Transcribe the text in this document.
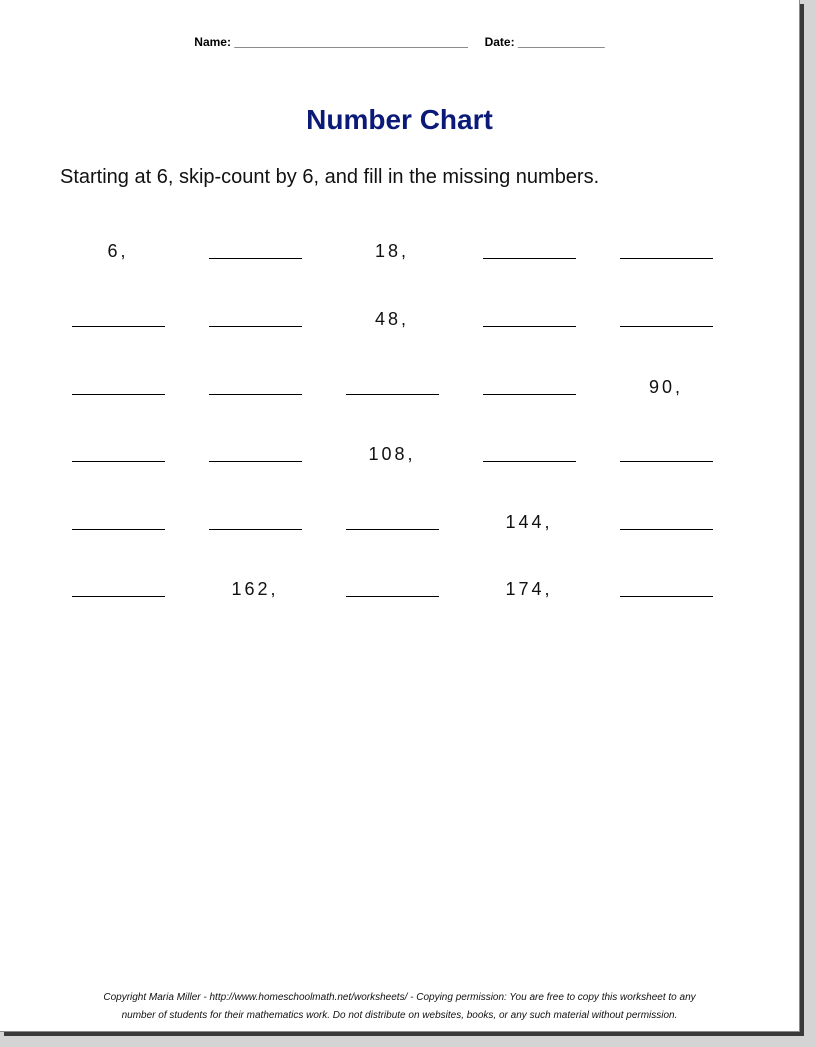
Name: ___________________________________ Date: _____________
Number Chart
Starting at 6, skip-count by 6, and fill in the missing numbers.
6,	18,
48,
90,
108,
144,
162,	174,
Copyright Maria Miller - http://www.homeschoolmath.net/worksheets/ - Copying permission: You are free to copy this worksheet to any
number of students for their mathematics work. Do not distribute on websites, books, or any such material without permission.
